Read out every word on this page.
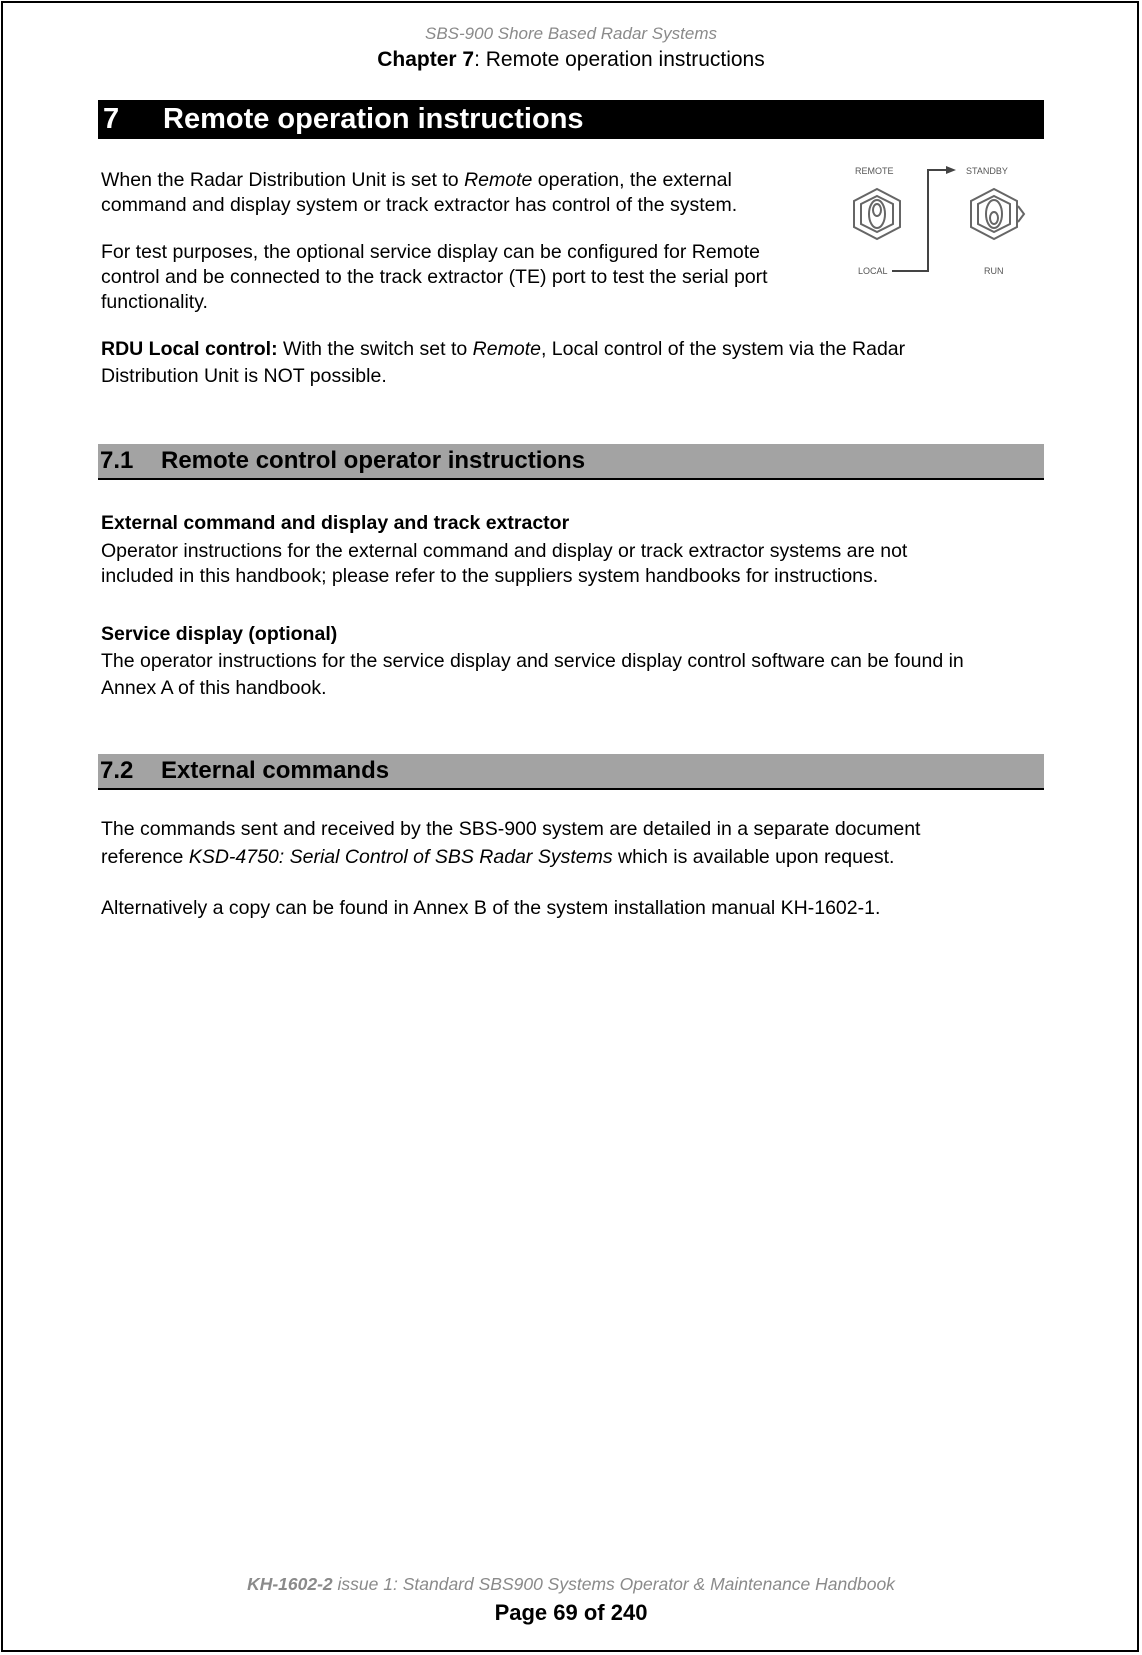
SBS-900 Shore Based Radar Systems
Chapter 7: Remote operation instructions
7 Remote operation instructions
When the Radar Distribution Unit is set to Remote operation, the external
command and display system or track extractor has control of the system.
For test purposes, the optional service display can be configured for Remote
control and be connected to the track extractor (TE) port to test the serial port
functionality.
RDU Local control: With the switch set to Remote, Local control of the system via the Radar
Distribution Unit is NOT possible.
REMOTE	STANDBY
LOCAL	RUN
7.1 Remote control operator instructions
External command and display and track extractor
Operator instructions for the external command and display or track extractor systems are not
included in this handbook; please refer to the suppliers system handbooks for instructions.
Service display (optional)
The operator instructions for the service display and service display control software can be found in
Annex A of this handbook.
7.2 External commands
The commands sent and received by the SBS-900 system are detailed in a separate document
reference KSD-4750: Serial Control of SBS Radar Systems which is available upon request.
Alternatively a copy can be found in Annex B of the system installation manual KH-1602-1.
KH-1602-2 issue 1: Standard SBS900 Systems Operator & Maintenance Handbook
Page 69 of 240
